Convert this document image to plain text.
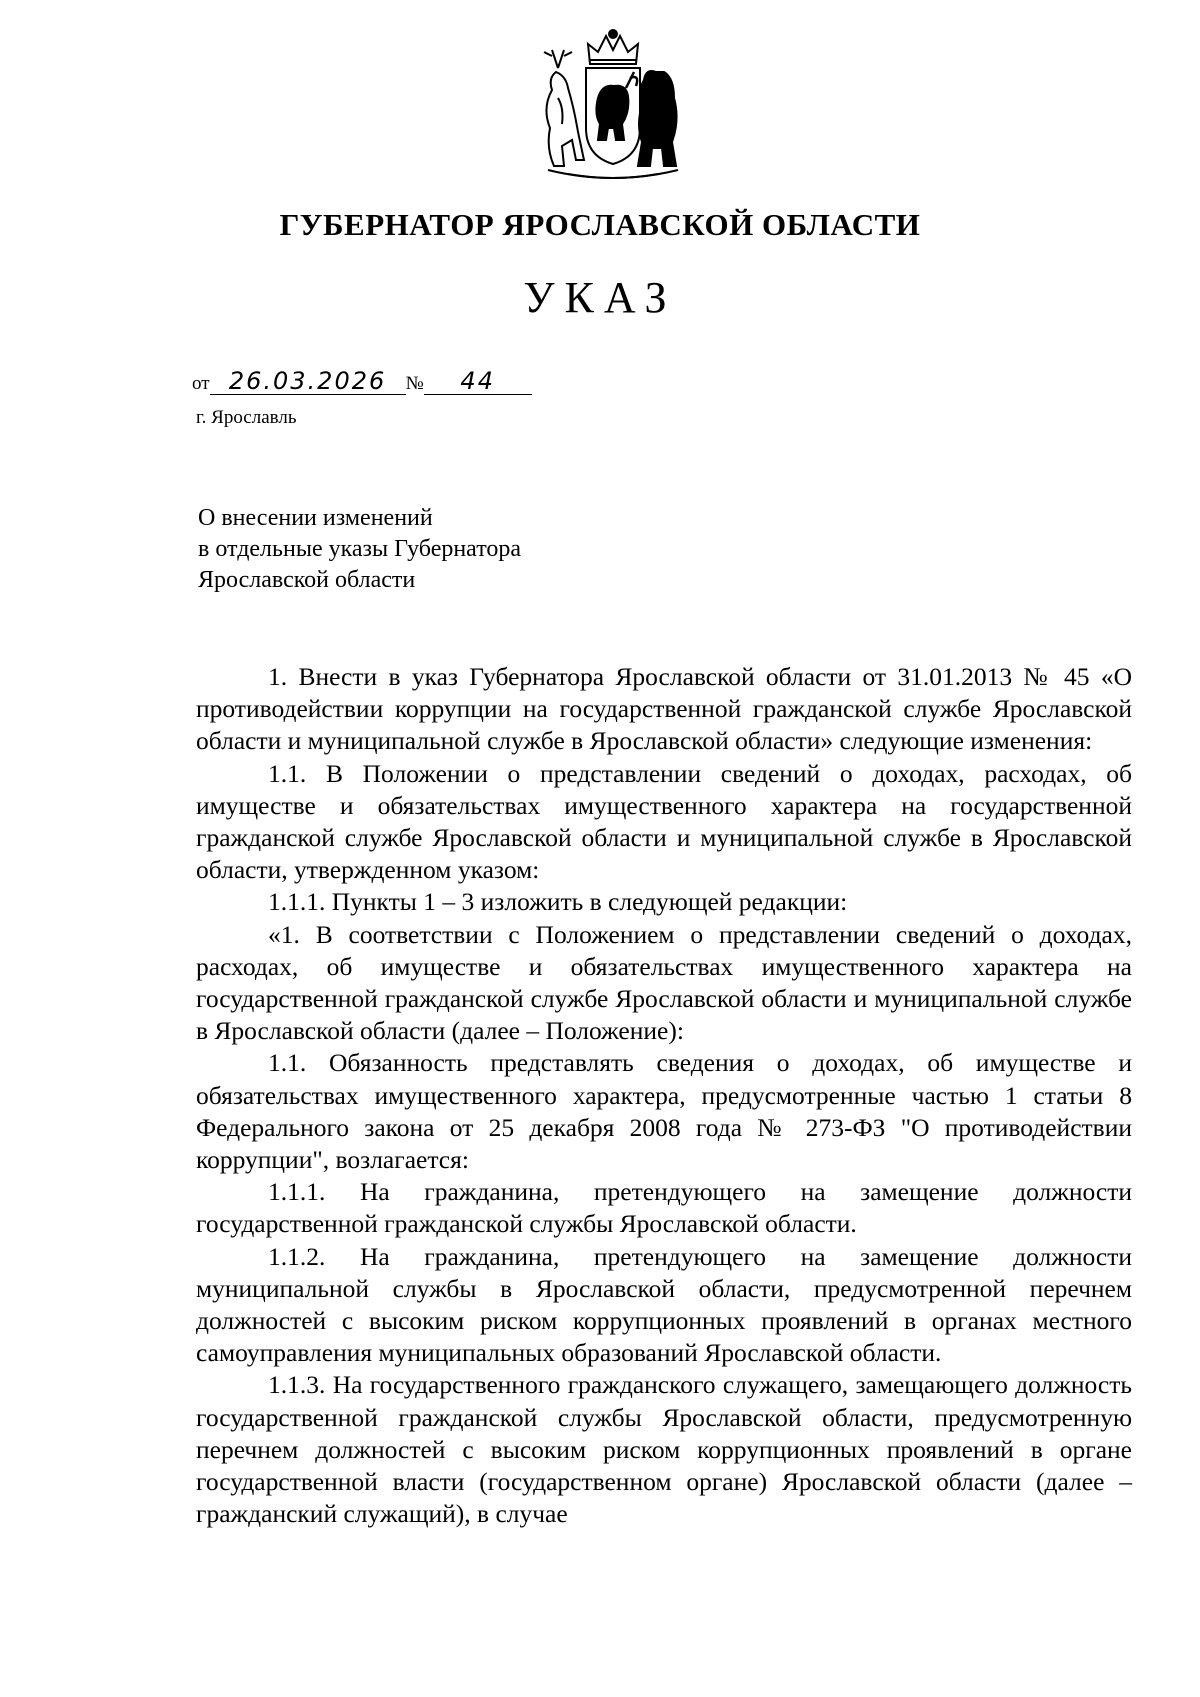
ГУБЕРНАТОР ЯРОСЛАВСКОЙ ОБЛАСТИ
УКАЗ
от 26.03.2026 № 44
г. Ярославль
О внесении изменений
в отдельные указы Губернатора
Ярославской области

1. Внести в указ Губернатора Ярославской области от 31.01.2013 № 45 «О противодействии коррупции на государственной гражданской службе Ярославской области и муниципальной службе в Ярославской области» следующие изменения:

1.1. В Положении о представлении сведений о доходах, расходах, об имуществе и обязательствах имущественного характера на государственной гражданской службе Ярославской области и муниципальной службе в Ярославской области, утвержденном указом:

1.1.1. Пункты 1 – 3 изложить в следующей редакции:

«1. В соответствии с Положением о представлении сведений о доходах, расходах, об имуществе и обязательствах имущественного характера на государственной гражданской службе Ярославской области и муниципальной службе в Ярославской области (далее – Положение):

1.1. Обязанность представлять сведения о доходах, об имуществе и обязательствах имущественного характера, предусмотренные частью 1 статьи 8 Федерального закона от 25 декабря 2008 года № 273-ФЗ "О противодействии коррупции", возлагается:

1.1.1. На гражданина, претендующего на замещение должности государственной гражданской службы Ярославской области.

1.1.2. На гражданина, претендующего на замещение должности муниципальной службы в Ярославской области, предусмотренной перечнем должностей с высоким риском коррупционных проявлений в органах местного самоуправления муниципальных образований Ярославской области.

1.1.3. На государственного гражданского служащего, замещающего должность государственной гражданской службы Ярославской области, предусмотренную перечнем должностей с высоким риском коррупционных проявлений в органе государственной власти (государственном органе) Ярославской области (далее – гражданский служащий), в случае
